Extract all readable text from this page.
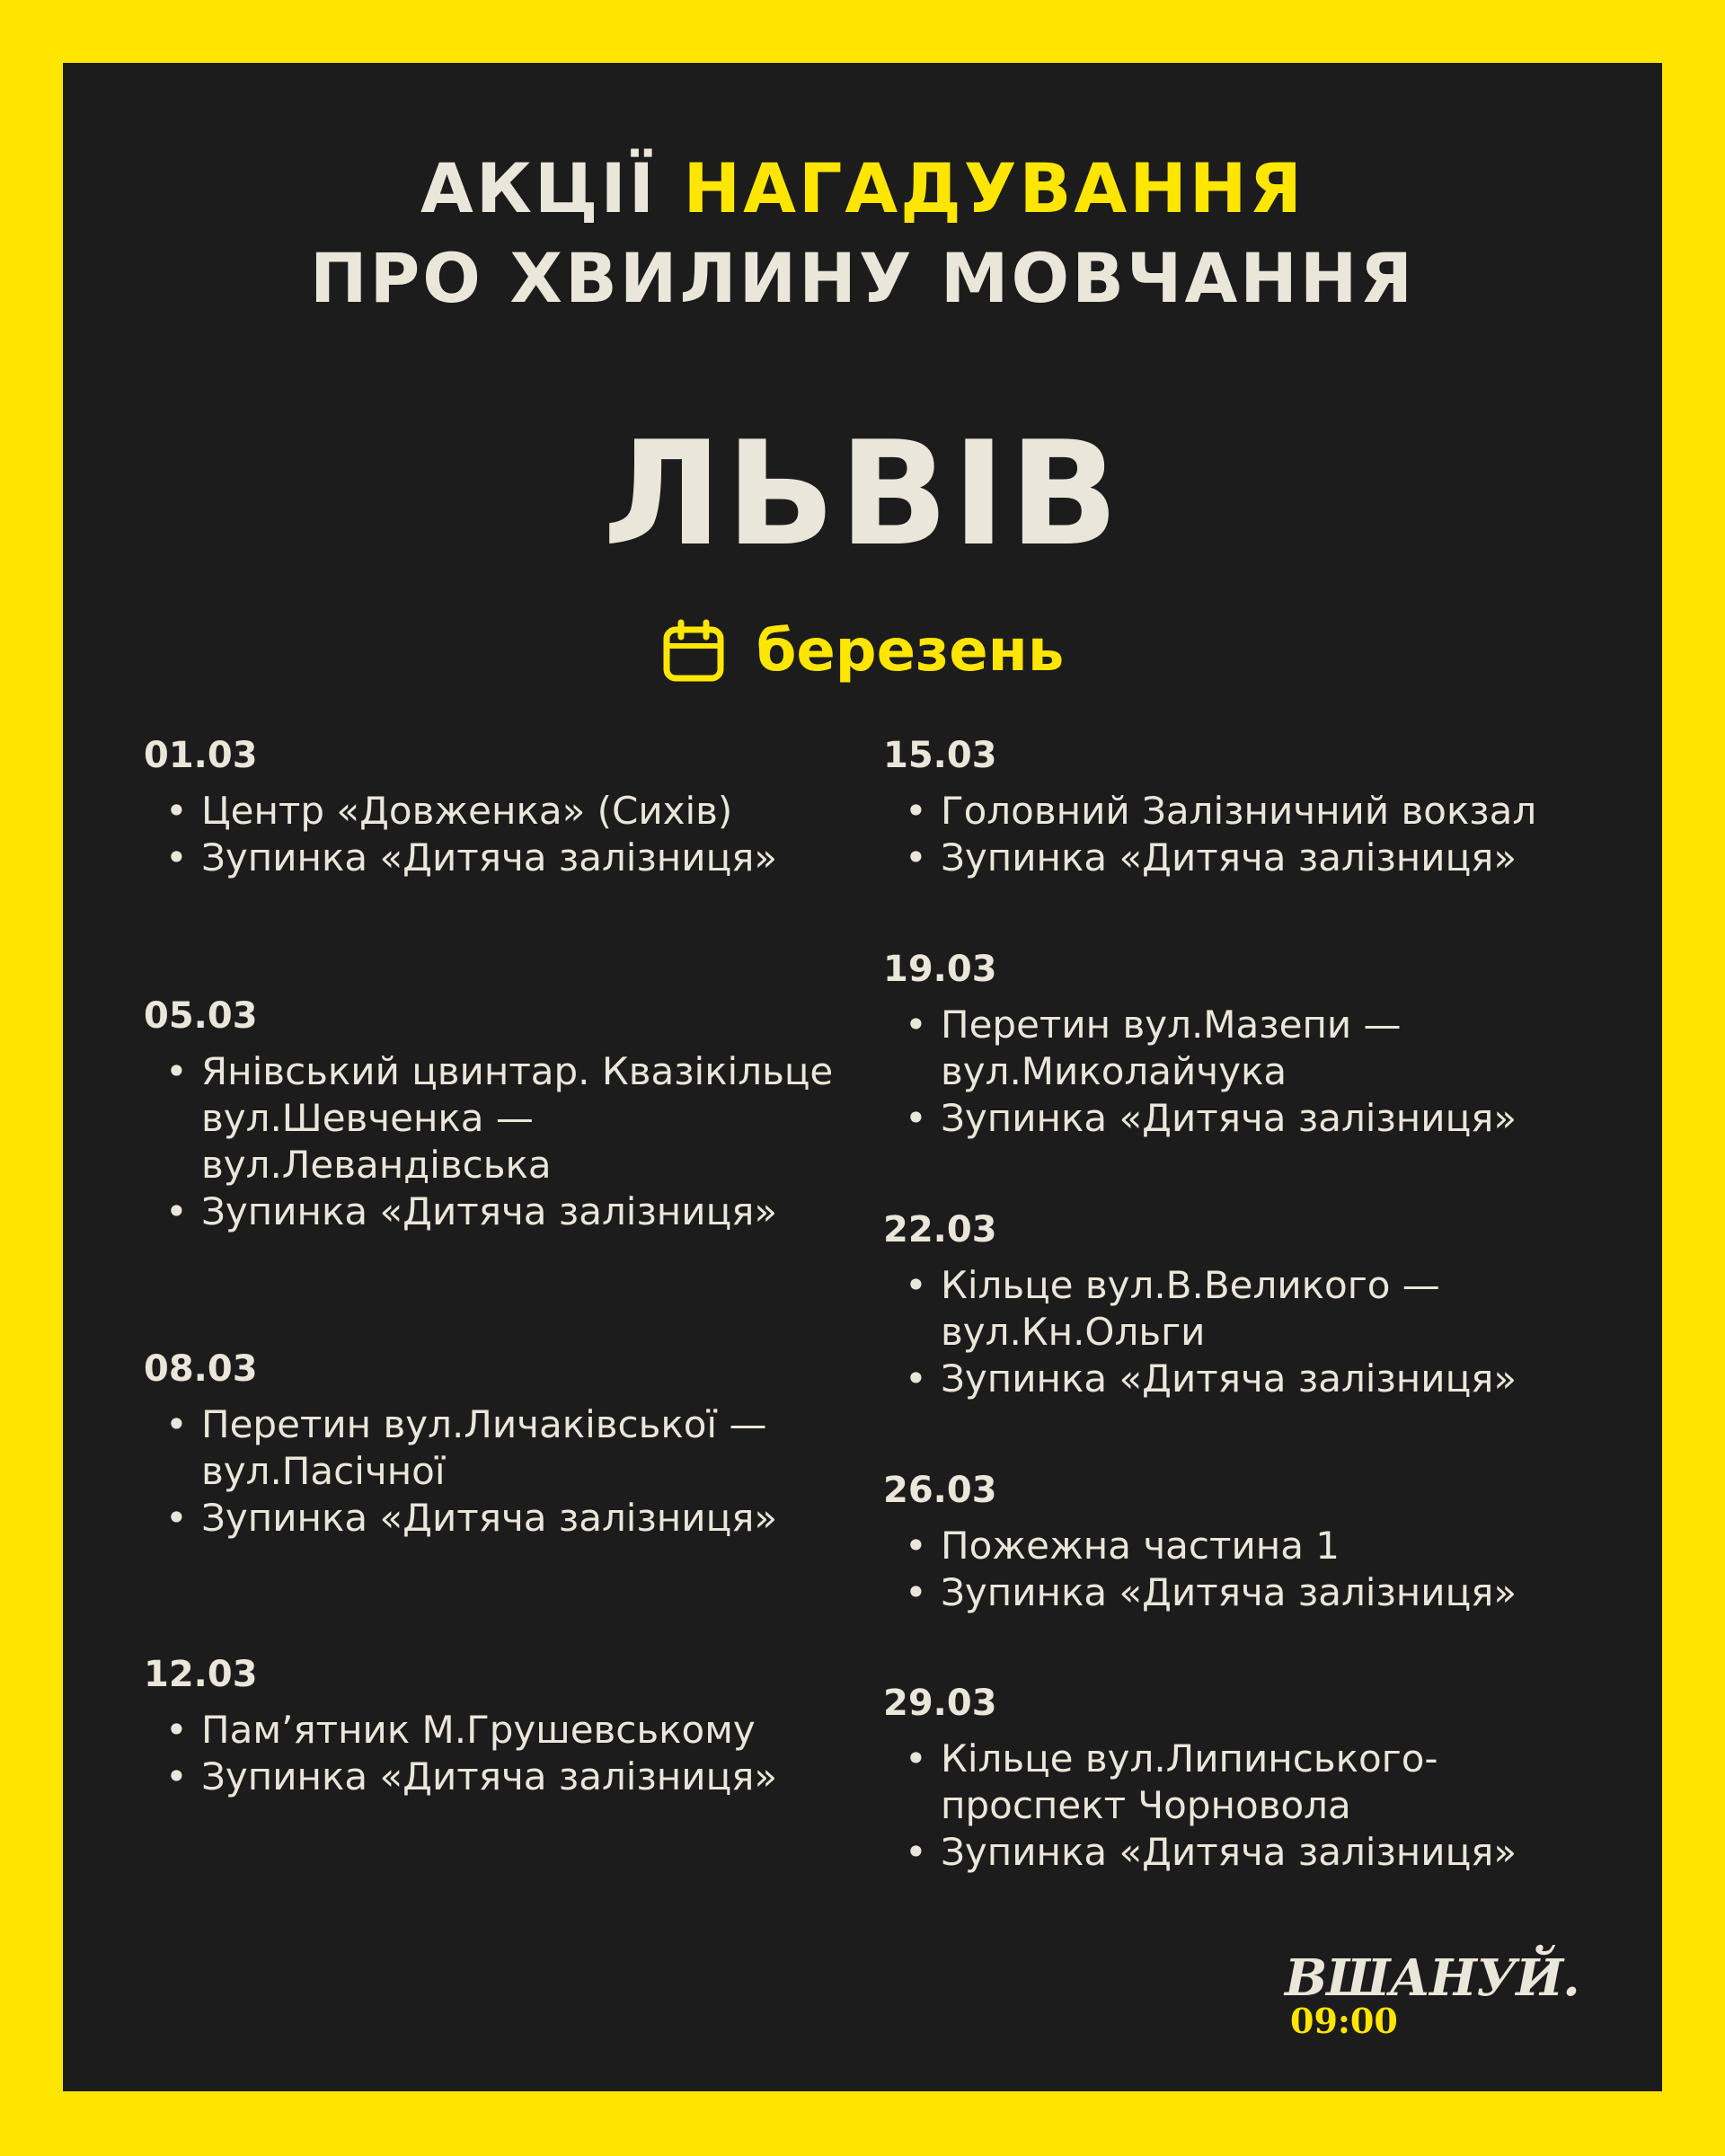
АКЦІЇ НАГАДУВАННЯ
ПРО ХВИЛИНУ МОВЧАННЯ
ЛЬВІВ
березень
01.03
• Центр «Довженка» (Сихів)
• Зупинка «Дитяча залізниця»
05.03
• Янівський цвинтар. Квазікільце вул.Шевченка — вул.Левандівська
• Зупинка «Дитяча залізниця»
08.03
• Перетин вул.Личаківської — вул.Пасічної
• Зупинка «Дитяча залізниця»
12.03
• Пам’ятник М.Грушевському
• Зупинка «Дитяча залізниця»
15.03
• Головний Залізничний вокзал
• Зупинка «Дитяча залізниця»
19.03
• Перетин вул.Мазепи — вул.Миколайчука
• Зупинка «Дитяча залізниця»
22.03
• Кільце вул.В.Великого — вул.Кн.Ольги
• Зупинка «Дитяча залізниця»
26.03
• Пожежна частина 1
• Зупинка «Дитяча залізниця»
29.03
• Кільце вул.Липинського- проспект Чорновола
• Зупинка «Дитяча залізниця»
ВШАНУЙ.
09:00
